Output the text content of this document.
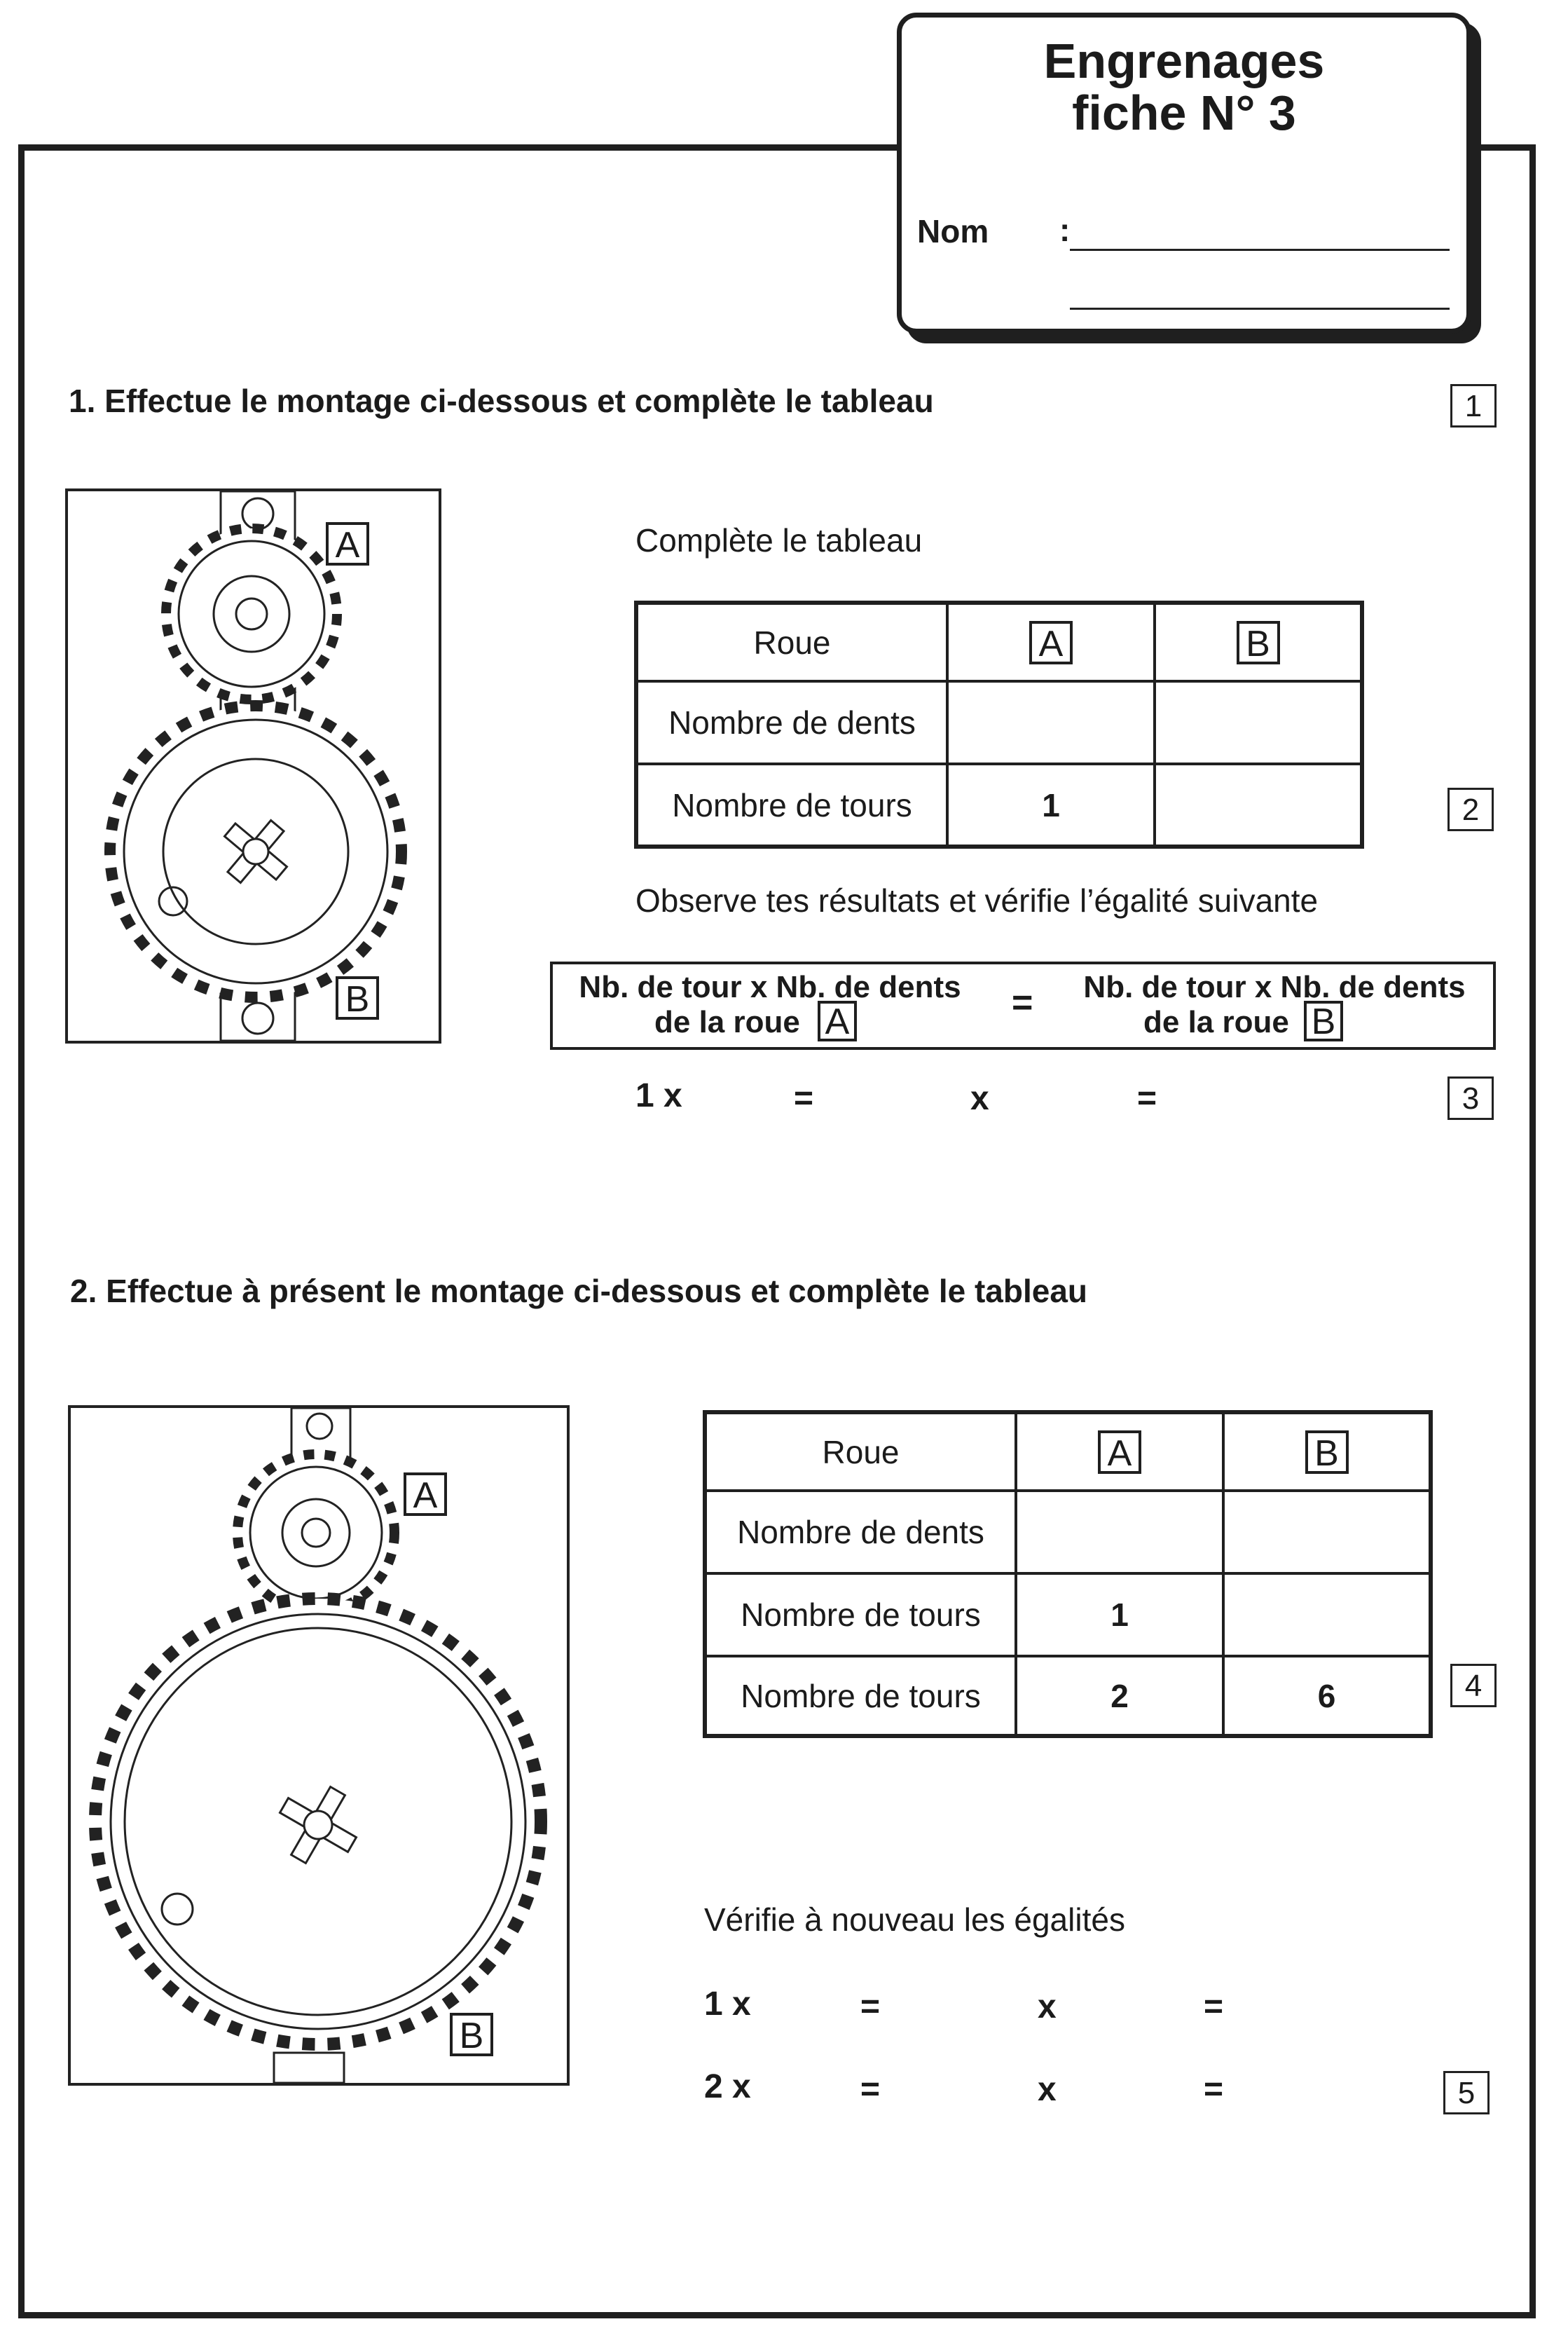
Engrenages
fiche N° 3
Nom :
1. Effectue le montage ci-dessous et complète le tableau	1
A
B
Complète le tableau
Roue	A	B
Nombre de dents		
Nombre de tours	1		2
Observe tes résultats et vérifie l’égalité suivante
Nb. de tour x Nb. de dents
de la roue A	=	Nb. de tour x Nb. de dents
de la roue B
1 x	=	x	=	3
2. Effectue à présent le montage ci-dessous et complète le tableau
A
B
Roue	A	B
Nombre de dents		
Nombre de tours	1	
Nombre de tours	2	6	4
Vérifie à nouveau les égalités
1 x	=	x	=
2 x	=	x	=	5
